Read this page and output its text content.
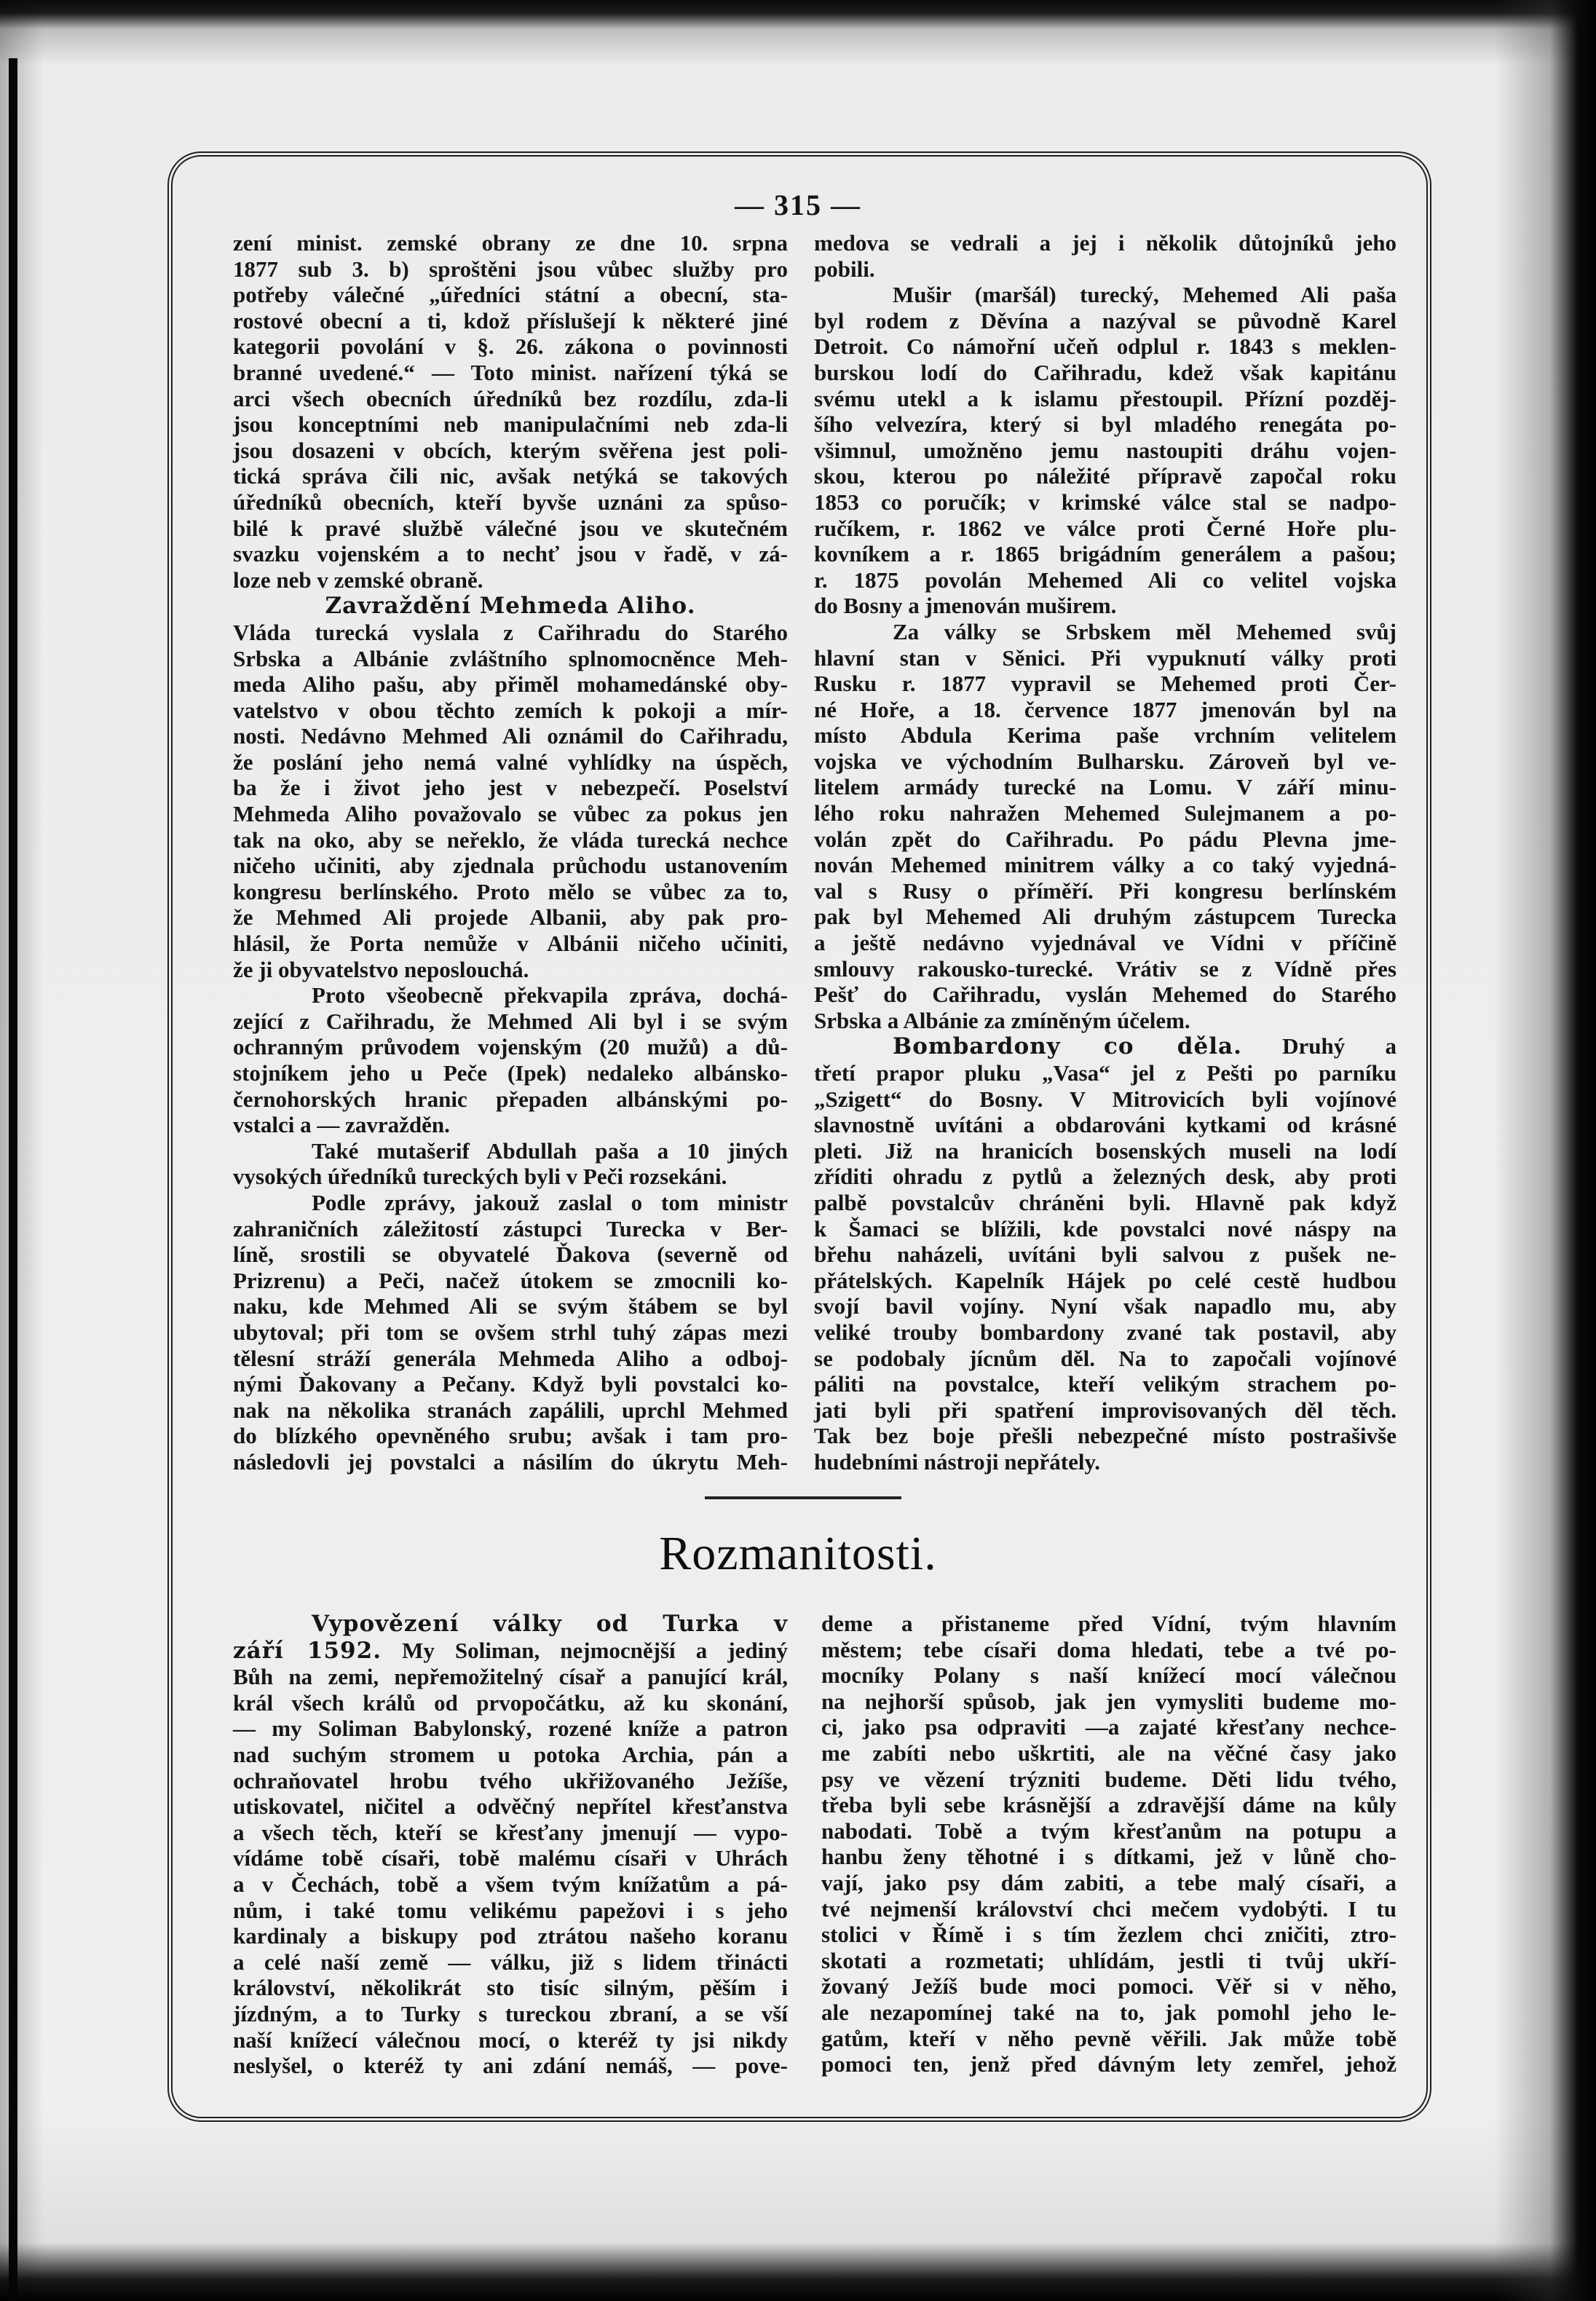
— 315 —
zení minist. zemské obrany ze dne 10. srpna
1877 sub 3. b) sproštěni jsou vůbec služby pro
potřeby válečné „úředníci státní a obecní, sta-
rostové obecní a ti, kdož příslušejí k některé jiné
kategorii povolání v §. 26. zákona o povinnosti
branné uvedené.“ — Toto minist. nařízení týká se
arci všech obecních úředníků bez rozdílu, zda-li
jsou konceptními neb manipulačními neb zda-li
jsou dosazeni v obcích, kterým svěřena jest poli-
tická správa čili nic, avšak netýká se takových
úředníků obecních, kteří byvše uznáni za spůso-
bilé k pravé službě válečné jsou ve skutečném
svazku vojenském a to nechť jsou v řadě, v zá-
loze neb v zemské obraně.
Zavraždění Mehmeda Aliho.
Vláda turecká vyslala z Cařihradu do Starého
Srbska a Albánie zvláštního splnomocněnce Meh-
meda Aliho pašu, aby přiměl mohamedánské oby-
vatelstvo v obou těchto zemích k pokoji a mír-
nosti. Nedávno Mehmed Ali oznámil do Cařihradu,
že poslání jeho nemá valné vyhlídky na úspěch,
ba že i život jeho jest v nebezpečí. Poselství
Mehmeda Aliho považovalo se vůbec za pokus jen
tak na oko, aby se neřeklo, že vláda turecká nechce
ničeho učiniti, aby zjednala průchodu ustanovením
kongresu berlínského. Proto mělo se vůbec za to,
že Mehmed Ali projede Albanii, aby pak pro-
hlásil, že Porta nemůže v Albánii ničeho učiniti,
že ji obyvatelstvo neposlouchá.
Proto všeobecně překvapila zpráva, dochá-
zející z Cařihradu, že Mehmed Ali byl i se svým
ochranným průvodem vojenským (20 mužů) a dů-
stojníkem jeho u Peče (Ipek) nedaleko albánsko-
černohorských hranic přepaden albánskými po-
vstalci a — zavražděn.
Také mutašerif Abdullah paša a 10 jiných
vysokých úředníků tureckých byli v Peči rozsekáni.
Podle zprávy, jakouž zaslal o tom ministr
zahraničních záležitostí zástupci Turecka v Ber-
líně, srostili se obyvatelé Ďakova (severně od
Prizrenu) a Peči, načež útokem se zmocnili ko-
naku, kde Mehmed Ali se svým štábem se byl
ubytoval; při tom se ovšem strhl tuhý zápas mezi
tělesní stráží generála Mehmeda Aliho a odboj-
nými Ďakovany a Pečany. Když byli povstalci ko-
nak na několika stranách zapálili, uprchl Mehmed
do blízkého opevněného srubu; avšak i tam pro-
následovli jej povstalci a násilím do úkrytu Meh-
medova se vedrali a jej i několik důtojníků jeho
pobili.
Mušir (maršál) turecký, Mehemed Ali paša
byl rodem z Děvína a nazýval se původně Karel
Detroit. Co námořní učeň odplul r. 1843 s meklen-
burskou lodí do Cařihradu, kdež však kapitánu
svému utekl a k islamu přestoupil. Přízní pozděj-
šího velvezíra, který si byl mladého renegáta po-
všimnul, umožněno jemu nastoupiti dráhu vojen-
skou, kterou po náležité přípravě započal roku
1853 co poručík; v krimské válce stal se nadpo-
ručíkem, r. 1862 ve válce proti Černé Hoře plu-
kovníkem a r. 1865 brigádním generálem a pašou;
r. 1875 povolán Mehemed Ali co velitel vojska
do Bosny a jmenován muširem.
Za války se Srbskem měl Mehemed svůj
hlavní stan v Sěnici. Při vypuknutí války proti
Rusku r. 1877 vypravil se Mehemed proti Čer-
né Hoře, a 18. července 1877 jmenován byl na
místo Abdula Kerima paše vrchním velitelem
vojska ve východním Bulharsku. Zároveň byl ve-
litelem armády turecké na Lomu. V září minu-
lého roku nahražen Mehemed Sulejmanem a po-
volán zpět do Cařihradu. Po pádu Plevna jme-
nován Mehemed minitrem války a co taký vyjedná-
val s Rusy o příměří. Při kongresu berlínském
pak byl Mehemed Ali druhým zástupcem Turecka
a ještě nedávno vyjednával ve Vídni v příčině
smlouvy rakousko-turecké. Vrátiv se z Vídně přes
Pešť do Cařihradu, vyslán Mehemed do Starého
Srbska a Albánie za zmíněným účelem.
Bombardony co děla. Druhý a
třetí prapor pluku „Vasa“ jel z Pešti po parníku
„Szigett“ do Bosny. V Mitrovicích byli vojínové
slavnostně uvítáni a obdarováni kytkami od krásné
pleti. Již na hranicích bosenských museli na lodí
zříditi ohradu z pytlů a železných desk, aby proti
palbě povstalcův chráněni byli. Hlavně pak když
k Šamaci se blížili, kde povstalci nové náspy na
břehu naházeli, uvítáni byli salvou z pušek ne-
přátelských. Kapelník Hájek po celé cestě hudbou
svojí bavil vojíny. Nyní však napadlo mu, aby
veliké trouby bombardony zvané tak postavil, aby
se podobaly jícnům děl. Na to započali vojínové
páliti na povstalce, kteří velikým strachem po-
jati byli při spatření improvisovaných děl těch.
Tak bez boje přešli nebezpečné místo postrašivše
hudebními nástroji nepřátely.
Rozmanitosti.
Vypovězení války od Turka v
září 1592. My Soliman, nejmocnější a jediný
Bůh na zemi, nepřemožitelný císař a panující král,
král všech králů od prvopočátku, až ku skonání,
— my Soliman Babylonský, rozené kníže a patron
nad suchým stromem u potoka Archia, pán a
ochraňovatel hrobu tvého ukřižovaného Ježíše,
utiskovatel, ničitel a odvěčný nepřítel křesťanstva
a všech těch, kteří se křesťany jmenují — vypo-
vídáme tobě císaři, tobě malému císaři v Uhrách
a v Čechách, tobě a všem tvým knížatům a pá-
nům, i také tomu velikému papežovi i s jeho
kardinaly a biskupy pod ztrátou našeho koranu
a celé naší země — válku, již s lidem třinácti
království, několikrát sto tisíc silným, pěším i
jízdným, a to Turky s tureckou zbraní, a se vší
naší knížecí válečnou mocí, o kteréž ty jsi nikdy
neslyšel, o kteréž ty ani zdání nemáš, — pove-
deme a přistaneme před Vídní, tvým hlavním
městem; tebe císaři doma hledati, tebe a tvé po-
mocníky Polany s naší knížecí mocí válečnou
na nejhorší spůsob, jak jen vymysliti budeme mo-
ci, jako psa odpraviti —a zajaté křesťany nechce-
me zabíti nebo uškrtiti, ale na věčné časy jako
psy ve vězení trýzniti budeme. Děti lidu tvého,
třeba byli sebe krásnější a zdravější dáme na kůly
nabodati. Tobě a tvým křesťanům na potupu a
hanbu ženy těhotné i s dítkami, jež v lůně cho-
vají, jako psy dám zabiti, a tebe malý císaři, a
tvé nejmenší království chci mečem vydobýti. I tu
stolici v Římě i s tím žezlem chci zničiti, ztro-
skotati a rozmetati; uhlídám, jestli ti tvůj ukří-
žovaný Ježíš bude moci pomoci. Věř si v něho,
ale nezapomínej také na to, jak pomohl jeho le-
gatům, kteří v něho pevně věřili. Jak může tobě
pomoci ten, jenž před dávným lety zemřel, jehož
